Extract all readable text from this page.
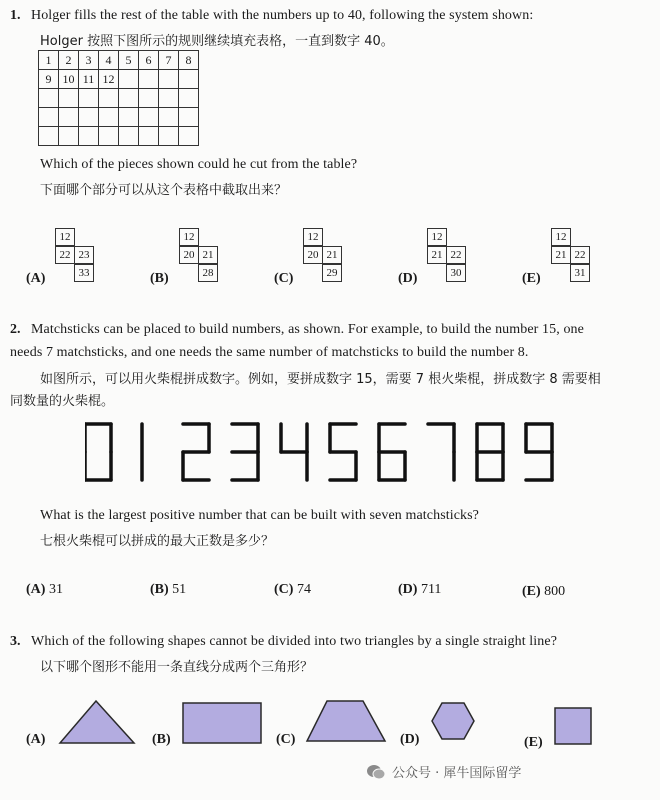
1. Holger fills the rest of the table with the numbers up to 40, following the system shown:
Holger 按照下图所示的规则继续填充表格，一直到数字 40。
1	2	3	4	5	6	7	8
9	10	11	12				

Which of the pieces shown could he cut from the table?
下面哪个部分可以从这个表格中截取出来？
(A)
12
22 23
33	(B)
12
20 21
28	(C)
12
20 21
29	(D)
12
21 22
30	(E)
12
21 22
31
2. Matchsticks can be placed to build numbers, as shown. For example, to build the number 15, one
needs 7 matchsticks, and one needs the same number of matchsticks to build the number 8.
如图所示，可以用火柴棍拼成数字。例如，要拼成数字 15，需要 7 根火柴棍，拼成数字 8 需要相
同数量的火柴棍。
What is the largest positive number that can be built with seven matchsticks?
七根火柴棍可以拼成的最大正数是多少？
(A) 31	(B) 51	(C) 74	(D) 711	(E) 800
3. Which of the following shapes cannot be divided into two triangles by a single straight line?
以下哪个图形不能用一条直线分成两个三角形？
(A)	(B)	(C)	(D)	(E)
公众号 · 犀牛国际留学
